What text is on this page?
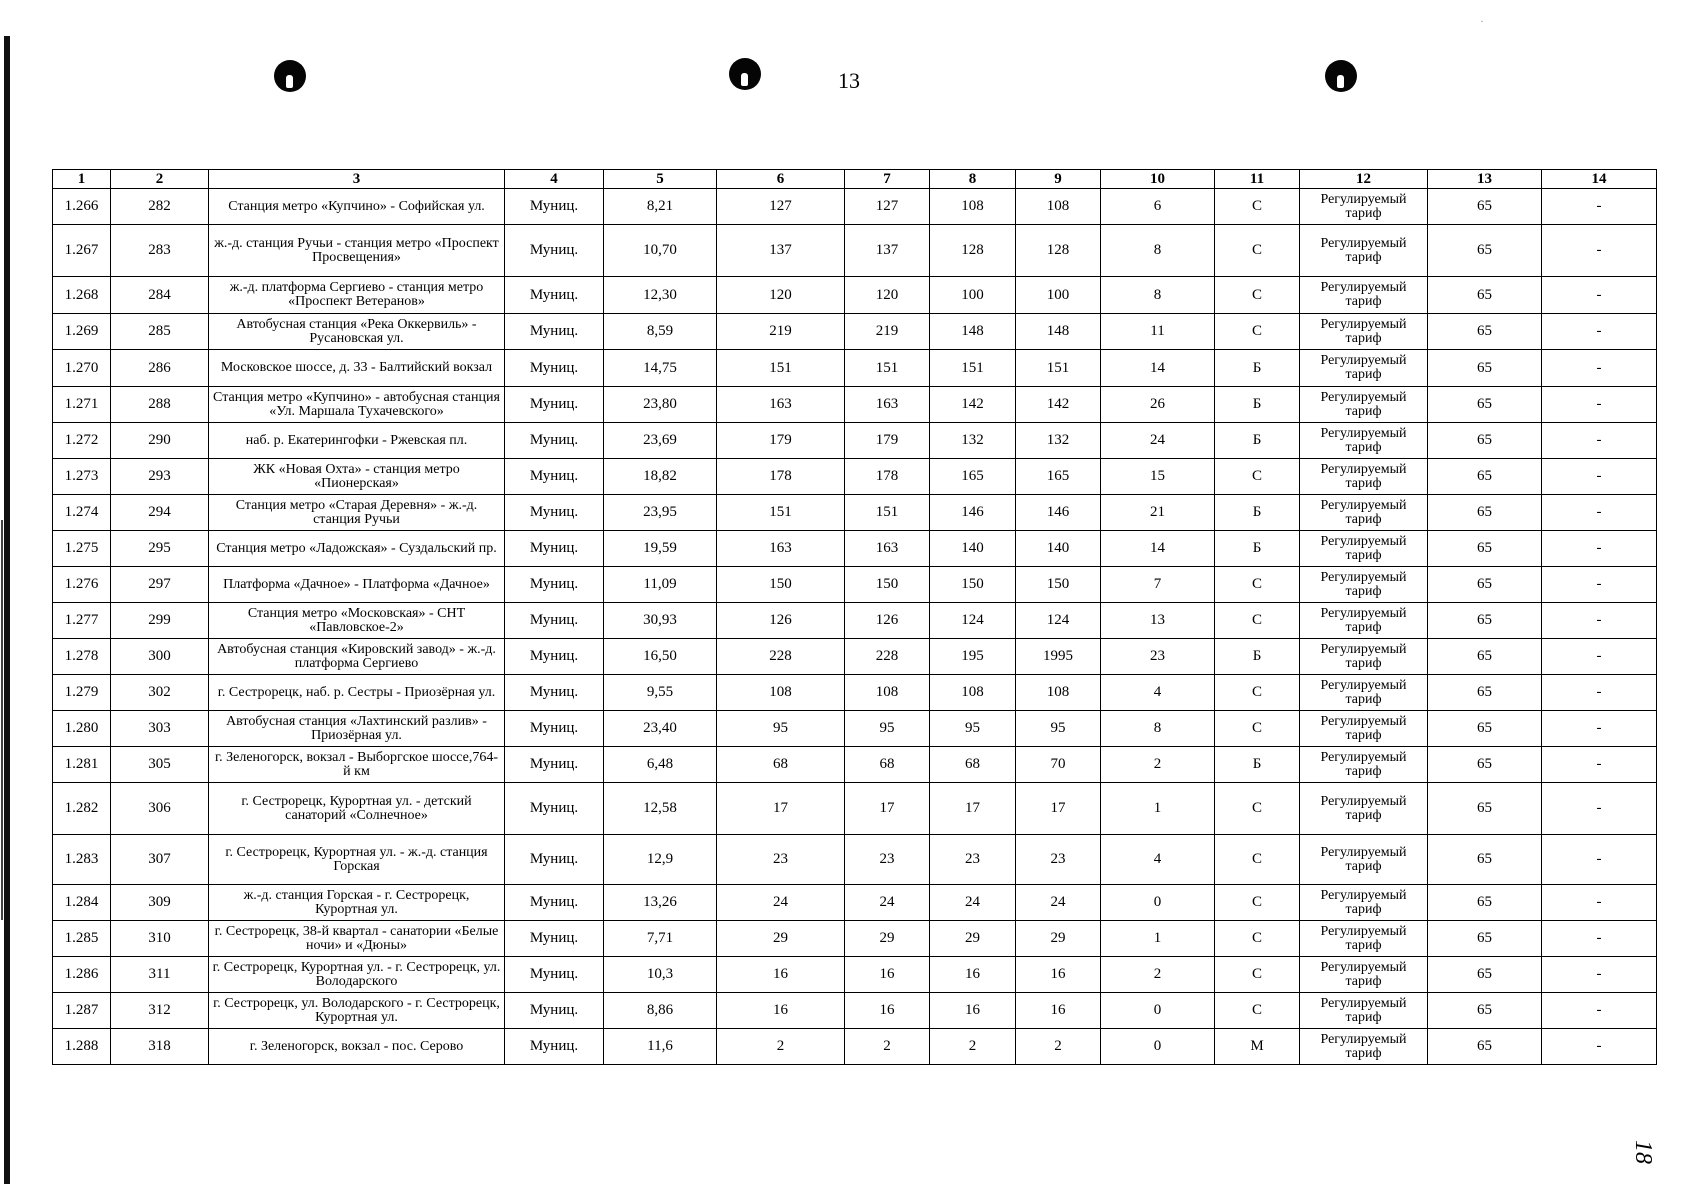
·
13
18
1	2	3	4	5	6	7	8	9	10	11	12	13	14
1.266	282	Станция метро «Купчино» - Софийская ул.	Муниц.	8,21	127	127	108	108	6	С	Регулируемый тариф	65	-
1.267	283	ж.-д. станция Ручьи - станция метро «Проспект Просвещения»	Муниц.	10,70	137	137	128	128	8	С	Регулируемый тариф	65	-
1.268	284	ж.-д. платформа Сергиево - станция метро «Проспект Ветеранов»	Муниц.	12,30	120	120	100	100	8	С	Регулируемый тариф	65	-
1.269	285	Автобусная станция «Река Оккервиль» - Русановская ул.	Муниц.	8,59	219	219	148	148	11	С	Регулируемый тариф	65	-
1.270	286	Московское шоссе, д. 33 - Балтийский вокзал	Муниц.	14,75	151	151	151	151	14	Б	Регулируемый тариф	65	-
1.271	288	Станция метро «Купчино» - автобусная станция «Ул. Маршала Тухачевского»	Муниц.	23,80	163	163	142	142	26	Б	Регулируемый тариф	65	-
1.272	290	наб. р. Екатерингофки - Ржевская пл.	Муниц.	23,69	179	179	132	132	24	Б	Регулируемый тариф	65	-
1.273	293	ЖК «Новая Охта» - станция метро «Пионерская»	Муниц.	18,82	178	178	165	165	15	С	Регулируемый тариф	65	-
1.274	294	Станция метро «Старая Деревня» - ж.-д. станция Ручьи	Муниц.	23,95	151	151	146	146	21	Б	Регулируемый тариф	65	-
1.275	295	Станция метро «Ладожская» - Суздальский пр.	Муниц.	19,59	163	163	140	140	14	Б	Регулируемый тариф	65	-
1.276	297	Платформа «Дачное» - Платформа «Дачное»	Муниц.	11,09	150	150	150	150	7	С	Регулируемый тариф	65	-
1.277	299	Станция метро «Московская» - СНТ «Павловское-2»	Муниц.	30,93	126	126	124	124	13	С	Регулируемый тариф	65	-
1.278	300	Автобусная станция «Кировский завод» - ж.-д. платформа Сергиево	Муниц.	16,50	228	228	195	1995	23	Б	Регулируемый тариф	65	-
1.279	302	г. Сестрорецк, наб. р. Сестры - Приозёрная ул.	Муниц.	9,55	108	108	108	108	4	С	Регулируемый тариф	65	-
1.280	303	Автобусная станция «Лахтинский разлив» - Приозёрная ул.	Муниц.	23,40	95	95	95	95	8	С	Регулируемый тариф	65	-
1.281	305	г. Зеленогорск, вокзал - Выборгское шоссе,764-й км	Муниц.	6,48	68	68	68	70	2	Б	Регулируемый тариф	65	-
1.282	306	г. Сестрорецк, Курортная ул. - детский санаторий «Солнечное»	Муниц.	12,58	17	17	17	17	1	С	Регулируемый тариф	65	-
1.283	307	г. Сестрорецк, Курортная ул. - ж.-д. станция Горская	Муниц.	12,9	23	23	23	23	4	С	Регулируемый тариф	65	-
1.284	309	ж.-д. станция Горская - г. Сестрорецк, Курортная ул.	Муниц.	13,26	24	24	24	24	0	С	Регулируемый тариф	65	-
1.285	310	г. Сестрорецк, 38-й квартал - санатории «Белые ночи» и «Дюны»	Муниц.	7,71	29	29	29	29	1	С	Регулируемый тариф	65	-
1.286	311	г. Сестрорецк, Курортная ул. - г. Сестрорецк, ул. Володарского	Муниц.	10,3	16	16	16	16	2	С	Регулируемый тариф	65	-
1.287	312	г. Сестрорецк, ул. Володарского - г. Сестрорецк, Курортная ул.	Муниц.	8,86	16	16	16	16	0	С	Регулируемый тариф	65	-
1.288	318	г. Зеленогорск, вокзал - пос. Серово	Муниц.	11,6	2	2	2	2	0	М	Регулируемый тариф	65	-
